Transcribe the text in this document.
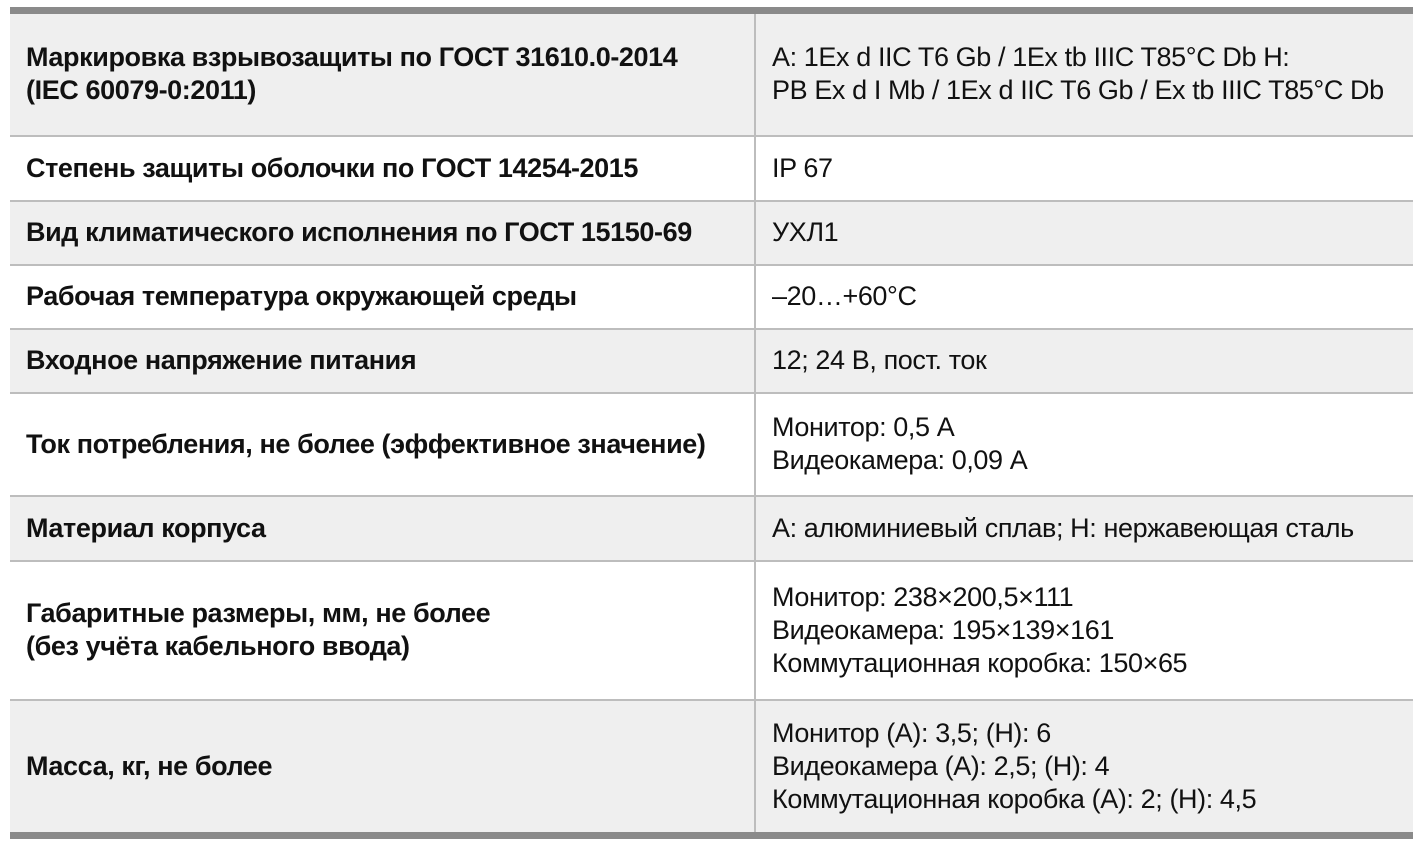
Маркировка взрывозащиты по ГОСТ 31610.0-2014
(IEC 60079-0:2011)	A: 1Ex d IIC T6 Gb / 1Ex tb IIIC T85°C Db H:
PB Ex d I Mb / 1Ex d IIC T6 Gb / Ex tb IIIC T85°C Db

Степень защиты оболочки по ГОСТ 14254-2015	IP 67

Вид климатического исполнения по ГОСТ 15150-69	УХЛ1

Рабочая температура окружающей среды	–20…+60°C

Входное напряжение питания	12; 24 В, пост. ток

Ток потребления, не более (эффективное значение)	Монитор: 0,5 А
Видеокамера: 0,09 А

Материал корпуса	A: алюминиевый сплав; H: нержавеющая сталь

Габаритные размеры, мм, не более
(без учёта кабельного ввода)	Монитор: 238×200,5×111
Видеокамера: 195×139×161
Коммутационная коробка: 150×65

Масса, кг, не более	Монитор (A): 3,5; (H): 6
Видеокамера (A): 2,5; (H): 4
Коммутационная коробка (A): 2; (H): 4,5
